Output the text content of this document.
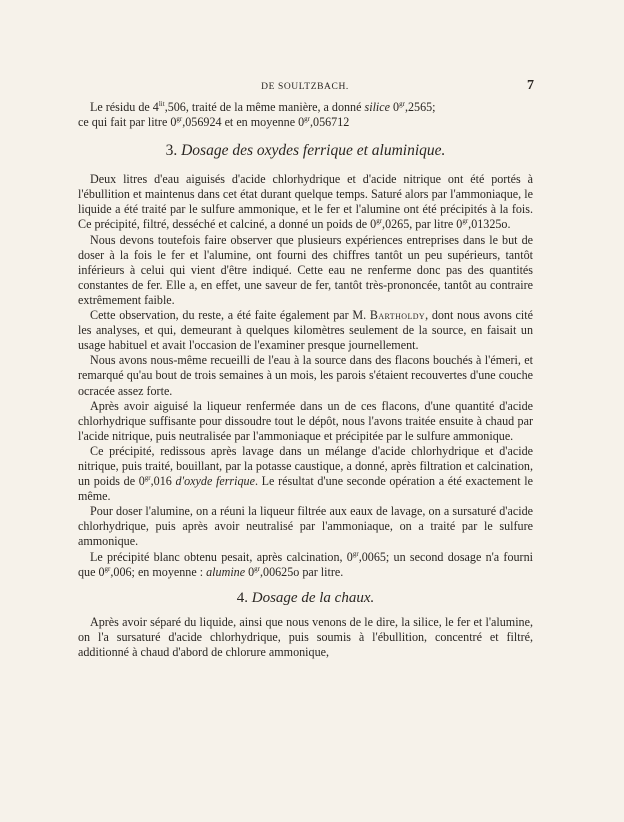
DE SOULTZBACH.	7

Le résidu de $4^{lit},506$, traité de la même manière, a donné silice $0^{gr},2565$;

ce qui fait par litre $0^{gr},056924$ et en moyenne $0^{gr},056712$

3. Dosage des oxydes ferrique et aluminique.

Deux litres d'eau aiguisés d'acide chlorhydrique et d'acide nitrique ont été portés à l'ébullition et maintenus dans cet état durant quelque temps. Saturé alors par l'ammoniaque, le liquide a été traité par le sulfure ammonique, et le fer et l'alumine ont été précipités à la fois. Ce précipité, filtré, desséché et calciné, a donné un poids de $0^{gr},0265$, par litre $0^{gr},01325o$.

Nous devons toutefois faire observer que plusieurs expériences entreprises dans le but de doser à la fois le fer et l'alumine, ont fourni des chiffres tantôt un peu supérieurs, tantôt inférieurs à celui qui vient d'être indiqué. Cette eau ne renferme donc pas des quantités constantes de fer. Elle a, en effet, une saveur de fer, tantôt très-prononcée, tantôt au contraire extrêmement faible.

Cette observation, du reste, a été faite également par M. Bartholdy, dont nous avons cité les analyses, et qui, demeurant à quelques kilomètres seulement de la source, en faisait un usage habituel et avait l'occasion de l'examiner presque journellement.

Nous avons nous-même recueilli de l'eau à la source dans des flacons bouchés à l'émeri, et remarqué qu'au bout de trois semaines à un mois, les parois s'étaient recouvertes d'une couche ocracée assez forte.

Après avoir aiguisé la liqueur renfermée dans un de ces flacons, d'une quantité d'acide chlorhydrique suffisante pour dissoudre tout le dépôt, nous l'avons traitée ensuite à chaud par l'acide nitrique, puis neutralisée par l'ammoniaque et précipitée par le sulfure ammonique.

Ce précipité, redissous après lavage dans un mélange d'acide chlorhydrique et d'acide nitrique, puis traité, bouillant, par la potasse caustique, a donné, après filtration et calcination, un poids de $0^{gr},016$ d'oxyde ferrique. Le résultat d'une seconde opération a été exactement le même.

Pour doser l'alumine, on a réuni la liqueur filtrée aux eaux de lavage, on a sursaturé d'acide chlorhydrique, puis après avoir neutralisé par l'ammoniaque, on a traité par le sulfure ammonique.

Le précipité blanc obtenu pesait, après calcination, $0^{gr},0065$; un second dosage n'a fourni que $0^{gr},006$; en moyenne : alumine $0^{gr},00625o$ par litre.

4. Dosage de la chaux.

Après avoir séparé du liquide, ainsi que nous venons de le dire, la silice, le fer et l'alumine, on l'a sursaturé d'acide chlorhydrique, puis soumis à l'ébullition, concentré et filtré, additionné à chaud d'abord de chlorure ammonique,
